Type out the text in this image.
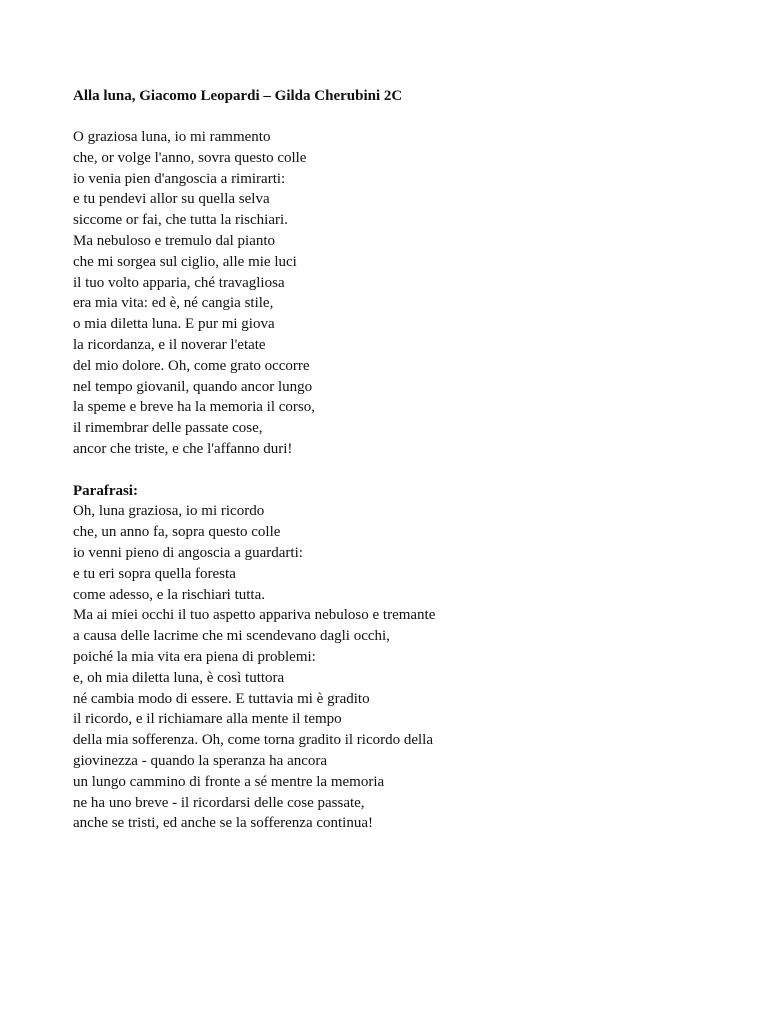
Alla luna, Giacomo Leopardi – Gilda Cherubini 2C
O graziosa luna, io mi rammento
che, or volge l'anno, sovra questo colle
io venia pien d'angoscia a rimirarti:
e tu pendevi allor su quella selva
siccome or fai, che tutta la rischiari.
Ma nebuloso e tremulo dal pianto
che mi sorgea sul ciglio, alle mie luci
il tuo volto apparia, ché travagliosa
era mia vita: ed è, né cangia stile,
o mia diletta luna. E pur mi giova
la ricordanza, e il noverar l'etate
del mio dolore. Oh, come grato occorre
nel tempo giovanil, quando ancor lungo
la speme e breve ha la memoria il corso,
il rimembrar delle passate cose,
ancor che triste, e che l'affanno duri!
Parafrasi:
Oh, luna graziosa, io mi ricordo
che, un anno fa, sopra questo colle
io venni pieno di angoscia a guardarti:
e tu eri sopra quella foresta
come adesso, e la rischiari tutta.
Ma ai miei occhi il tuo aspetto appariva nebuloso e tremante
a causa delle lacrime che mi scendevano dagli occhi,
poiché la mia vita era piena di problemi:
e, oh mia diletta luna, è così tuttora
né cambia modo di essere. E tuttavia mi è gradito
il ricordo, e il richiamare alla mente il tempo
della mia sofferenza. Oh, come torna gradito il ricordo della
giovinezza - quando la speranza ha ancora
un lungo cammino di fronte a sé mentre la memoria
ne ha uno breve - il ricordarsi delle cose passate,
anche se tristi, ed anche se la sofferenza continua!
